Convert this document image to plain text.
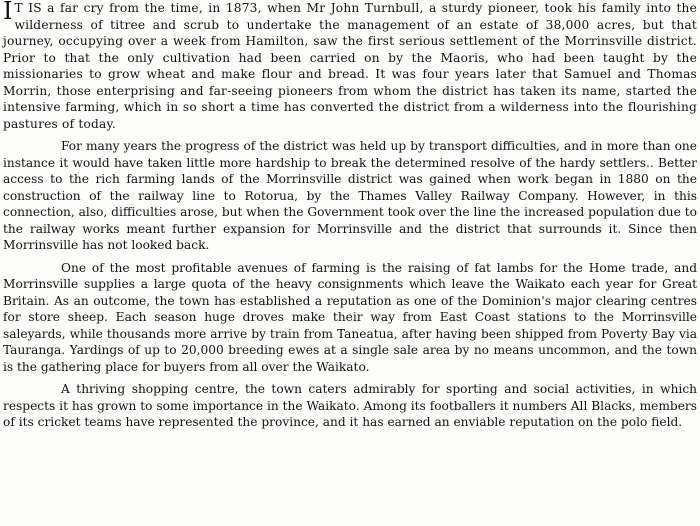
I T IS a far cry from the time, in 1873, when Mr John Turnbull, a sturdy pioneer, took his family into the wilderness of titree and scrub to undertake the management of an estate of 38,000 acres, but that journey, occupying over a week from Hamilton, saw the first serious settlement of the Morrinsville district. Prior to that the only cultivation had been carried on by the Maoris, who had been taught by the missionaries to grow wheat and make flour and bread. It was four years later that Samuel and Thomas Morrin, those enterprising and far-seeing pioneers from whom the district has taken its name, started the intensive farming, which in so short a time has converted the district from a wilderness into the flourishing pastures of today.

For many years the progress of the district was held up by transport difficulties, and in more than one instance it would have taken little more hardship to break the determined resolve of the hardy settlers.. Better access to the rich farming lands of the Morrinsville district was gained when work began in 1880 on the construction of the railway line to Rotorua, by the Thames Valley Railway Company. However, in this connection, also, difficulties arose, but when the Government took over the line the increased population due to the railway works meant further expansion for Morrinsville and the district that surrounds it. Since then Morrinsville has not looked back.

One of the most profitable avenues of farming is the raising of fat lambs for the Home trade, and Morrinsville supplies a large quota of the heavy consignments which leave the Waikato each year for Great Britain. As an outcome, the town has established a reputation as one of the Dominion's major clearing centres for store sheep. Each season huge droves make their way from East Coast stations to the Morrinsville saleyards, while thousands more arrive by train from Taneatua, after having been shipped from Poverty Bay via Tauranga. Yardings of up to 20,000 breeding ewes at a single sale area by no means uncommon, and the town is the gathering place for buyers from all over the Waikato.

A thriving shopping centre, the town caters admirably for sporting and social activities, in which respects it has grown to some importance in the Waikato. Among its footballers it numbers All Blacks, members of its cricket teams have represented the province, and it has earned an enviable reputation on the polo field.
